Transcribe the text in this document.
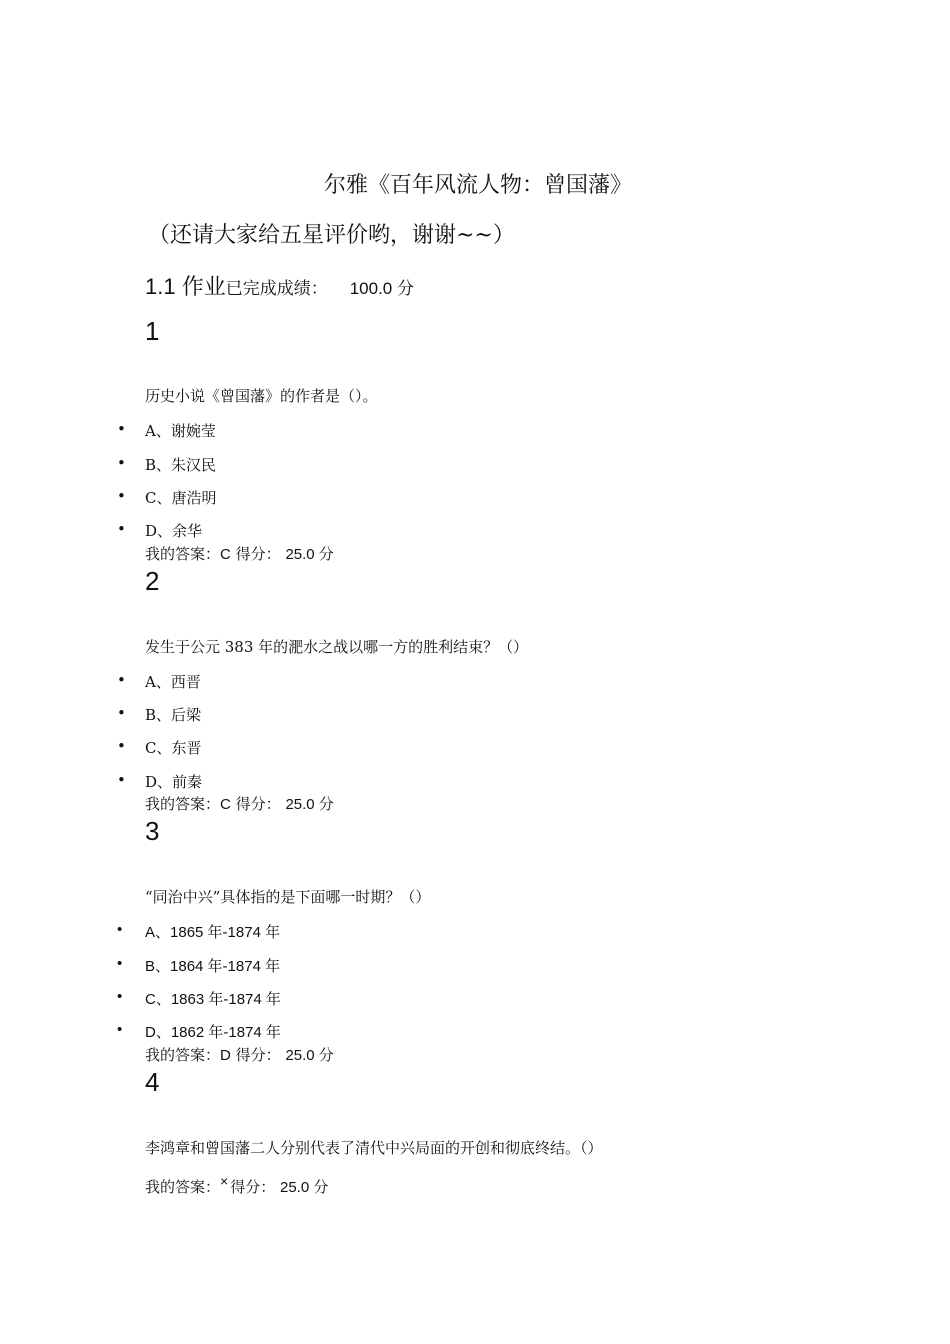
尔雅《百年风流人物：曾国藩》
（还请大家给五星评价哟，谢谢~~）
1.1 作业已完成成绩： 100.0 分
1
历史小说《曾国藩》的作者是（）。
• A、谢婉莹
• B、朱汉民
• C、唐浩明
• D、余华
我的答案：C 得分： 25.0 分
2
发生于公元 383 年的淝水之战以哪一方的胜利结束？（）
• A、西晋
• B、后梁
• C、东晋
• D、前秦
我的答案：C 得分： 25.0 分
3
“同治中兴”具体指的是下面哪一时期？（）
• A、1865 年-1874 年
• B、1864 年-1874 年
• C、1863 年-1874 年
• D、1862 年-1874 年
我的答案：D 得分： 25.0 分
4
李鸿章和曾国藩二人分别代表了清代中兴局面的开创和彻底终结。（）
我的答案：× 得分： 25.0 分
